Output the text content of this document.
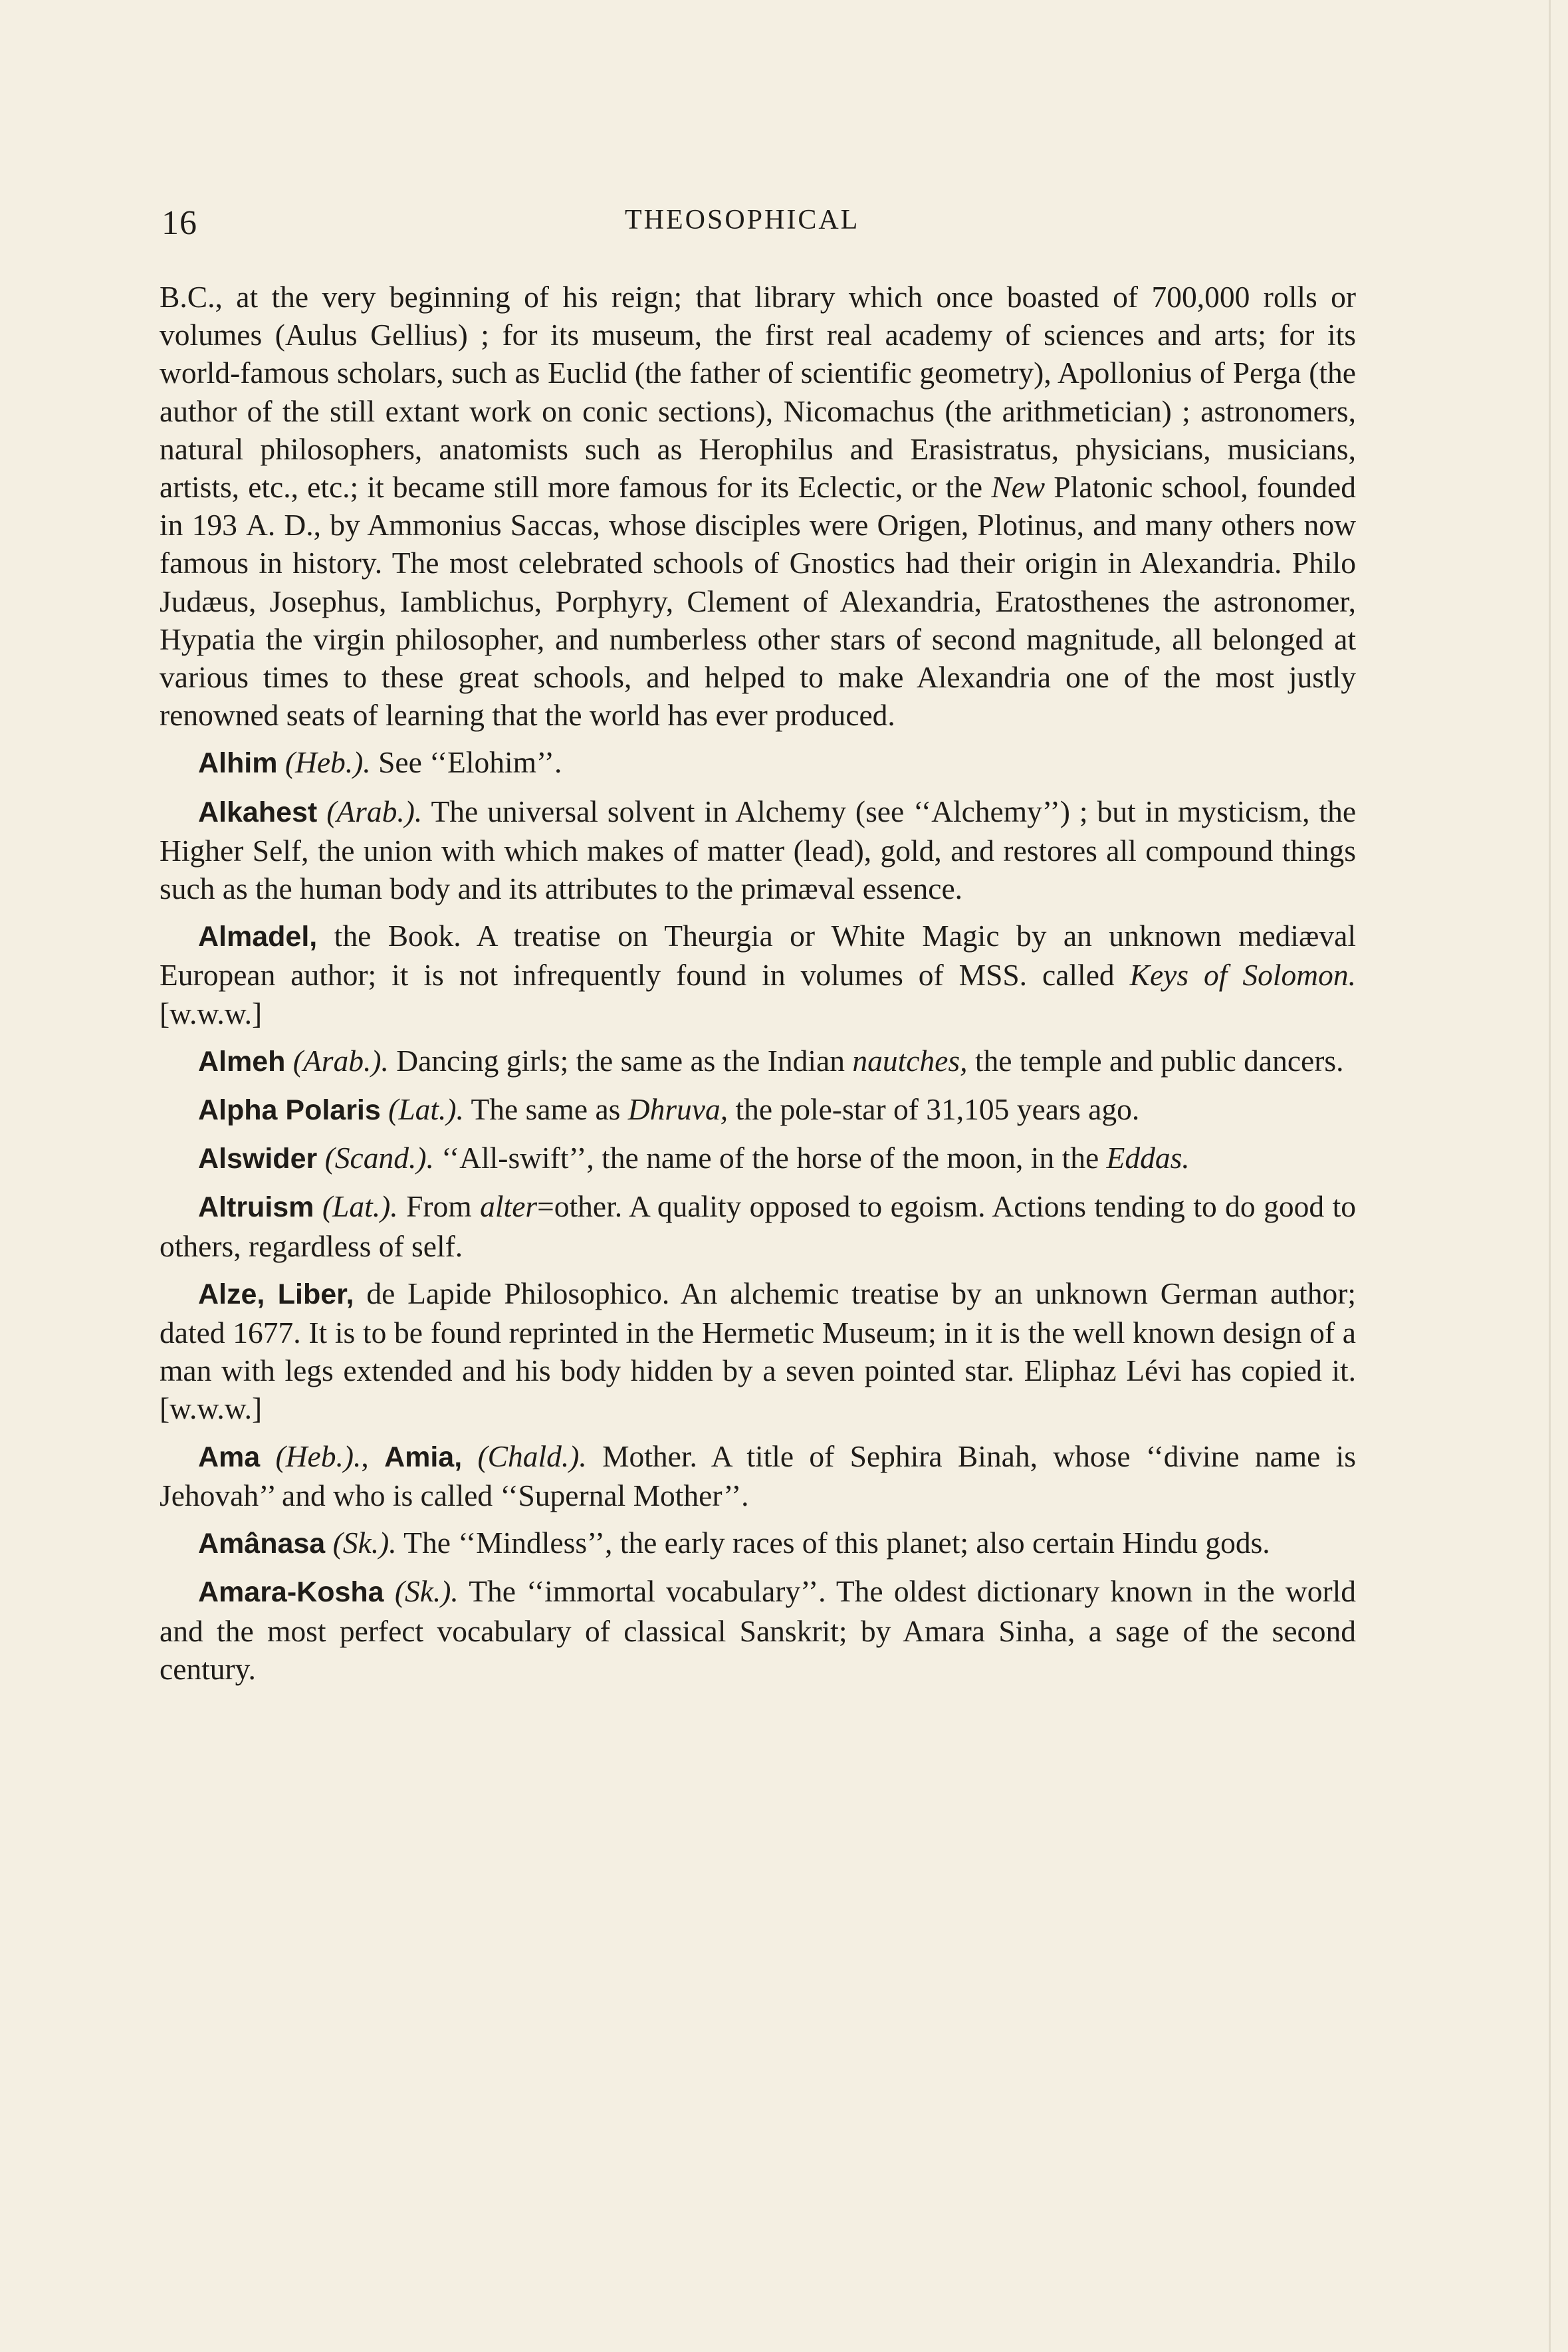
16	THEOSOPHICAL

B.C., at the very beginning of his reign; that library which once boasted of 700,000 rolls or volumes (Aulus Gellius) ; for its museum, the first real academy of sciences and arts; for its world-famous scholars, such as Euclid (the father of scientific geometry), Apollonius of Perga (the author of the still extant work on conic sections), Nicomachus (the arithmetician) ; astronomers, natural philosophers, anatomists such as Herophilus and Erasistratus, physicians, musicians, artists, etc., etc.; it became still more famous for its Eclectic, or the New Platonic school, founded in 193 A. D., by Ammonius Saccas, whose disciples were Origen, Plotinus, and many others now famous in history. The most celebrated schools of Gnostics had their origin in Alexandria. Philo Judæus, Josephus, Iamblichus, Porphyry, Clement of Alexandria, Eratosthenes the astronomer, Hypatia the virgin philosopher, and numberless other stars of second magnitude, all belonged at various times to these great schools, and helped to make Alexandria one of the most justly renowned seats of learning that the world has ever produced.

Alhim (Heb.). See ‘‘Elohim’’.

Alkahest (Arab.). The universal solvent in Alchemy (see ‘‘Alchemy’’) ; but in mysticism, the Higher Self, the union with which makes of matter (lead), gold, and restores all compound things such as the human body and its attributes to the primæval essence.

Almadel, the Book. A treatise on Theurgia or White Magic by an unknown mediæval European author; it is not infrequently found in volumes of MSS. called Keys of Solomon. [w.w.w.]

Almeh (Arab.). Dancing girls; the same as the Indian nautches, the temple and public dancers.

Alpha Polaris (Lat.). The same as Dhruva, the pole-star of 31,105 years ago.

Alswider (Scand.). ‘‘All-swift’’, the name of the horse of the moon, in the Eddas.

Altruism (Lat.). From alter=other. A quality opposed to egoism. Actions tending to do good to others, regardless of self.

Alze, Liber, de Lapide Philosophico. An alchemic treatise by an unknown German author; dated 1677. It is to be found reprinted in the Hermetic Museum; in it is the well known design of a man with legs extended and his body hidden by a seven pointed star. Eliphaz Lévi has copied it. [w.w.w.]

Ama (Heb.)., Amia, (Chald.). Mother. A title of Sephira Binah, whose ‘‘divine name is Jehovah’’ and who is called ‘‘Supernal Mother’’.

Amânasa (Sk.). The ‘‘Mindless’’, the early races of this planet; also certain Hindu gods.

Amara-Kosha (Sk.). The ‘‘immortal vocabulary’’. The oldest dictionary known in the world and the most perfect vocabulary of classical Sanskrit; by Amara Sinha, a sage of the second century.
